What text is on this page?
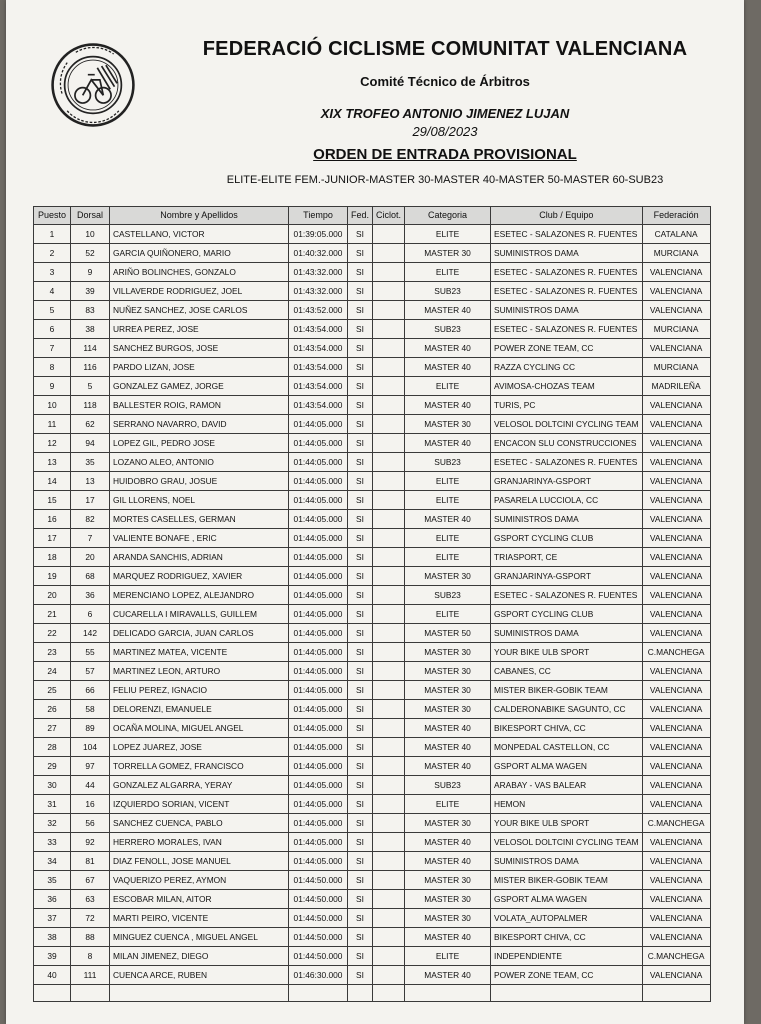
FEDERACIÓ CICLISME COMUNITAT VALENCIANA
Comité Técnico de Árbitros
XIX TROFEO ANTONIO JIMENEZ LUJAN
29/08/2023
ORDEN DE ENTRADA PROVISIONAL
ELITE-ELITE FEM.-JUNIOR-MASTER 30-MASTER 40-MASTER 50-MASTER 60-SUB23
Puesto	Dorsal	Nombre y Apellidos	Tiempo	Fed.	Ciclot.	Categoria	Club / Equipo	Federación
1	10	CASTELLANO, VICTOR	01:39:05.000	SI		ELITE	ESETEC - SALAZONES R. FUENTES	CATALANA
2	52	GARCIA QUIÑONERO, MARIO	01:40:32.000	SI		MASTER 30	SUMINISTROS DAMA	MURCIANA
3	9	ARIÑO BOLINCHES, GONZALO	01:43:32.000	SI		ELITE	ESETEC - SALAZONES R. FUENTES	VALENCIANA
4	39	VILLAVERDE RODRIGUEZ, JOEL	01:43:32.000	SI		SUB23	ESETEC - SALAZONES R. FUENTES	VALENCIANA
5	83	NUÑEZ SANCHEZ, JOSE CARLOS	01:43:52.000	SI		MASTER 40	SUMINISTROS DAMA	VALENCIANA
6	38	URREA PEREZ, JOSE	01:43:54.000	SI		SUB23	ESETEC - SALAZONES R. FUENTES	MURCIANA
7	114	SANCHEZ BURGOS, JOSE	01:43:54.000	SI		MASTER 40	POWER ZONE TEAM, CC	VALENCIANA
8	116	PARDO LIZAN, JOSE	01:43:54.000	SI		MASTER 40	RAZZA CYCLING CC	MURCIANA
9	5	GONZALEZ GAMEZ, JORGE	01:43:54.000	SI		ELITE	AVIMOSA-CHOZAS TEAM	MADRILEÑA
10	118	BALLESTER ROIG, RAMON	01:43:54.000	SI		MASTER 40	TURIS, PC	VALENCIANA
11	62	SERRANO NAVARRO, DAVID	01:44:05.000	SI		MASTER 30	VELOSOL DOLTCINI CYCLING TEAM	VALENCIANA
12	94	LOPEZ GIL, PEDRO JOSE	01:44:05.000	SI		MASTER 40	ENCACON SLU CONSTRUCCIONES	VALENCIANA
13	35	LOZANO ALEO, ANTONIO	01:44:05.000	SI		SUB23	ESETEC - SALAZONES R. FUENTES	VALENCIANA
14	13	HUIDOBRO GRAU, JOSUE	01:44:05.000	SI		ELITE	GRANJARINYA-GSPORT	VALENCIANA
15	17	GIL LLORENS, NOEL	01:44:05.000	SI		ELITE	PASARELA LUCCIOLA, CC	VALENCIANA
16	82	MORTES CASELLES, GERMAN	01:44:05.000	SI		MASTER 40	SUMINISTROS DAMA	VALENCIANA
17	7	VALIENTE BONAFE , ERIC	01:44:05.000	SI		ELITE	GSPORT CYCLING CLUB	VALENCIANA
18	20	ARANDA SANCHIS, ADRIAN	01:44:05.000	SI		ELITE	TRIASPORT, CE	VALENCIANA
19	68	MARQUEZ RODRIGUEZ, XAVIER	01:44:05.000	SI		MASTER 30	GRANJARINYA-GSPORT	VALENCIANA
20	36	MERENCIANO LOPEZ, ALEJANDRO	01:44:05.000	SI		SUB23	ESETEC - SALAZONES R. FUENTES	VALENCIANA
21	6	CUCARELLA I MIRAVALLS, GUILLEM	01:44:05.000	SI		ELITE	GSPORT CYCLING CLUB	VALENCIANA
22	142	DELICADO GARCIA, JUAN CARLOS	01:44:05.000	SI		MASTER 50	SUMINISTROS DAMA	VALENCIANA
23	55	MARTINEZ MATEA, VICENTE	01:44:05.000	SI		MASTER 30	YOUR BIKE ULB SPORT	C.MANCHEGA
24	57	MARTINEZ LEON, ARTURO	01:44:05.000	SI		MASTER 30	CABANES, CC	VALENCIANA
25	66	FELIU PEREZ, IGNACIO	01:44:05.000	SI		MASTER 30	MISTER BIKER-GOBIK TEAM	VALENCIANA
26	58	DELORENZI, EMANUELE	01:44:05.000	SI		MASTER 30	CALDERONABIKE SAGUNTO, CC	VALENCIANA
27	89	OCAÑA MOLINA, MIGUEL ANGEL	01:44:05.000	SI		MASTER 40	BIKESPORT CHIVA, CC	VALENCIANA
28	104	LOPEZ JUAREZ, JOSE	01:44:05.000	SI		MASTER 40	MONPEDAL CASTELLON, CC	VALENCIANA
29	97	TORRELLA GOMEZ, FRANCISCO	01:44:05.000	SI		MASTER 40	GSPORT ALMA WAGEN	VALENCIANA
30	44	GONZALEZ ALGARRA, YERAY	01:44:05.000	SI		SUB23	ARABAY - VAS BALEAR	VALENCIANA
31	16	IZQUIERDO SORIAN, VICENT	01:44:05.000	SI		ELITE	HEMON	VALENCIANA
32	56	SANCHEZ CUENCA, PABLO	01:44:05.000	SI		MASTER 30	YOUR BIKE ULB SPORT	C.MANCHEGA
33	92	HERRERO MORALES, IVAN	01:44:05.000	SI		MASTER 40	VELOSOL DOLTCINI CYCLING TEAM	VALENCIANA
34	81	DIAZ FENOLL, JOSE MANUEL	01:44:05.000	SI		MASTER 40	SUMINISTROS DAMA	VALENCIANA
35	67	VAQUERIZO PEREZ, AYMON	01:44:50.000	SI		MASTER 30	MISTER BIKER-GOBIK TEAM	VALENCIANA
36	63	ESCOBAR MILAN, AITOR	01:44:50.000	SI		MASTER 30	GSPORT ALMA WAGEN	VALENCIANA
37	72	MARTI PEIRO, VICENTE	01:44:50.000	SI		MASTER 30	VOLATA_AUTOPALMER	VALENCIANA
38	88	MINGUEZ CUENCA , MIGUEL ANGEL	01:44:50.000	SI		MASTER 40	BIKESPORT CHIVA, CC	VALENCIANA
39	8	MILAN JIMENEZ, DIEGO	01:44:50.000	SI		ELITE	INDEPENDIENTE	C.MANCHEGA
40	111	CUENCA ARCE, RUBEN	01:46:30.000	SI		MASTER 40	POWER ZONE TEAM, CC	VALENCIANA
